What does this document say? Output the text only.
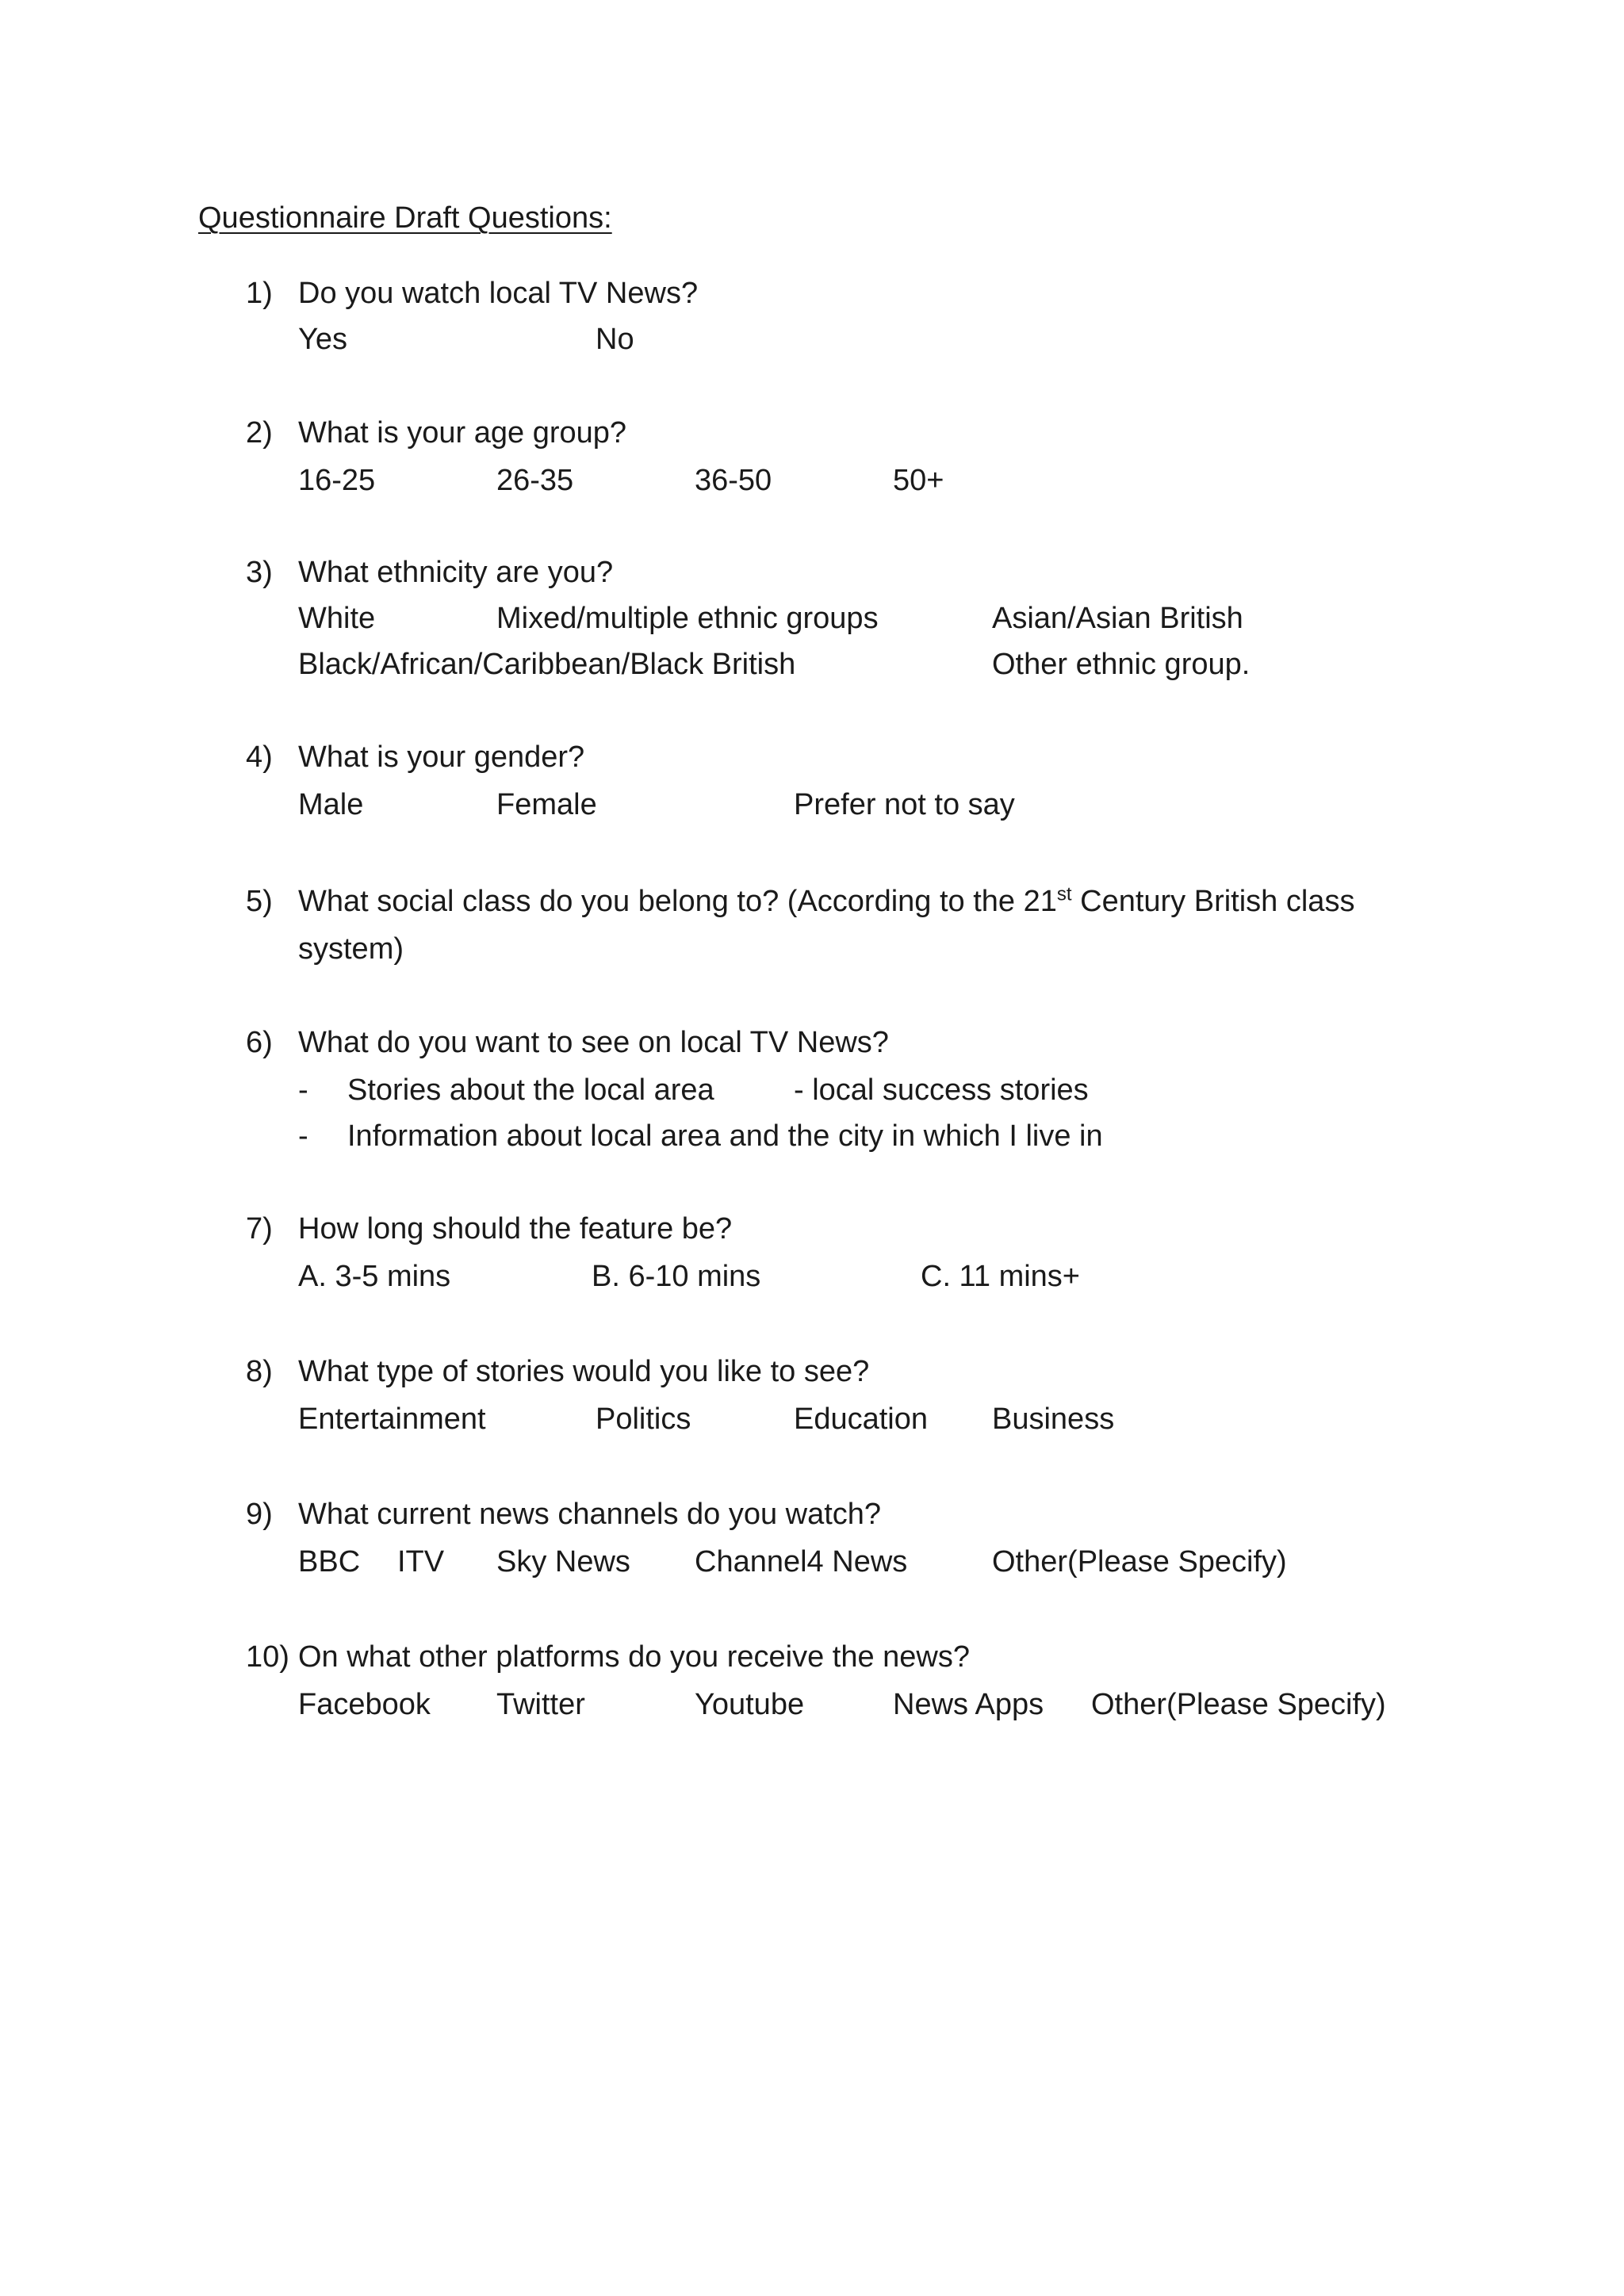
Questionnaire Draft Questions:
1) Do you watch local TV News?
Yes	No
2) What is your age group?
16-25	26-35	36-50	50+
3) What ethnicity are you?
White	Mixed/multiple ethnic groups	Asian/Asian British
Black/African/Caribbean/Black British	Other ethnic group.
4) What is your gender?
Male	Female	Prefer not to say
5) What social class do you belong to? (According to the 21st Century British class system)
6) What do you want to see on local TV News?
- Stories about the local area	- local success stories
- Information about local area and the city in which I live in
7) How long should the feature be?
A. 3-5 mins	B. 6-10 mins	C. 11 mins+
8) What type of stories would you like to see?
Entertainment	Politics	Education Business
9) What current news channels do you watch?
BBC ITV Sky News Channel4 News	Other(Please Specify)
10) On what other platforms do you receive the news?
Facebook Twitter	Youtube	News Apps Other(Please Specify)
